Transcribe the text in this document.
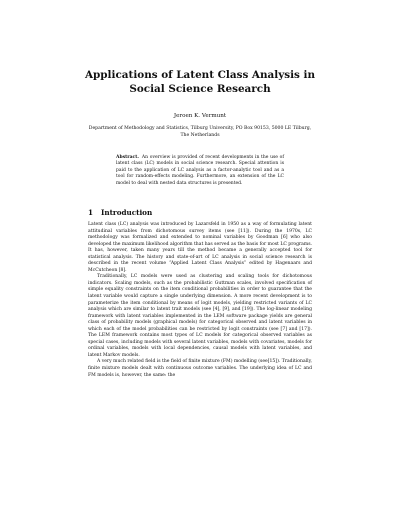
Applications of Latent Class Analysis in Social Science Research
Jeroen K. Vermunt
Department of Methodology and Statistics, Tilburg University, PO Box 90153, 5000 LE Tilburg, The Netherlands
Abstract. An overview is provided of recent developments in the use of latent class (LC) models in social science research. Special attention is paid to the application of LC analysis as a factor-analytic tool and as a tool for random-effects modeling. Furthermore, an extension of the LC model to deal with nested data structures is presented.
1 Introduction

Latent class (LC) analysis was introduced by Lazarsfeld in 1950 as a way of formulating latent attitudinal variables from dichotomous survey items (see [11]). During the 1970s, LC methodology was formalized and extended to nominal variables by Goodman [6] who also developed the maximum likelihood algorithm that has served as the basis for most LC programs. It has, however, taken many years till the method became a generally accepted tool for statistical analysis. The history and state-of-art of LC analysis in social science research is described in the recent volume “Applied Latent Class Analysis” edited by Hagenaars and McCutcheon [8].

Traditionally, LC models were used as clustering and scaling tools for dichotomous indicators. Scaling models, such as the probabilistic Guttman scales, involved specification of simple equality constraints on the item conditional probabilities in order to guarantee that the latent variable would capture a single underlying dimension. A more recent development is to parameterize the item conditional by means of logit models, yielding restricted variants of LC analysis which are similar to latent trait models (see [4], [9], and [19]). The log-linear modeling framework with latent variables implemented in the LEM software package yields are general class of probability models (graphical models) for categorical observed and latent variables in which each of the model probabilities can be restricted by logit constraints (see [7] and [17]). The LEM framework contains most types of LC models for categorical observed variables as special cases, including models with several latent variables, models with covariates, models for ordinal variables, models with local dependencies, causal models with latent variables, and latent Markov models.

A very much related field is the field of finite mixture (FM) modelling (see[15]). Traditionally, finite mixture models dealt with continuous outcome variables. The underlying idea of LC and FM models is, however, the same: the
